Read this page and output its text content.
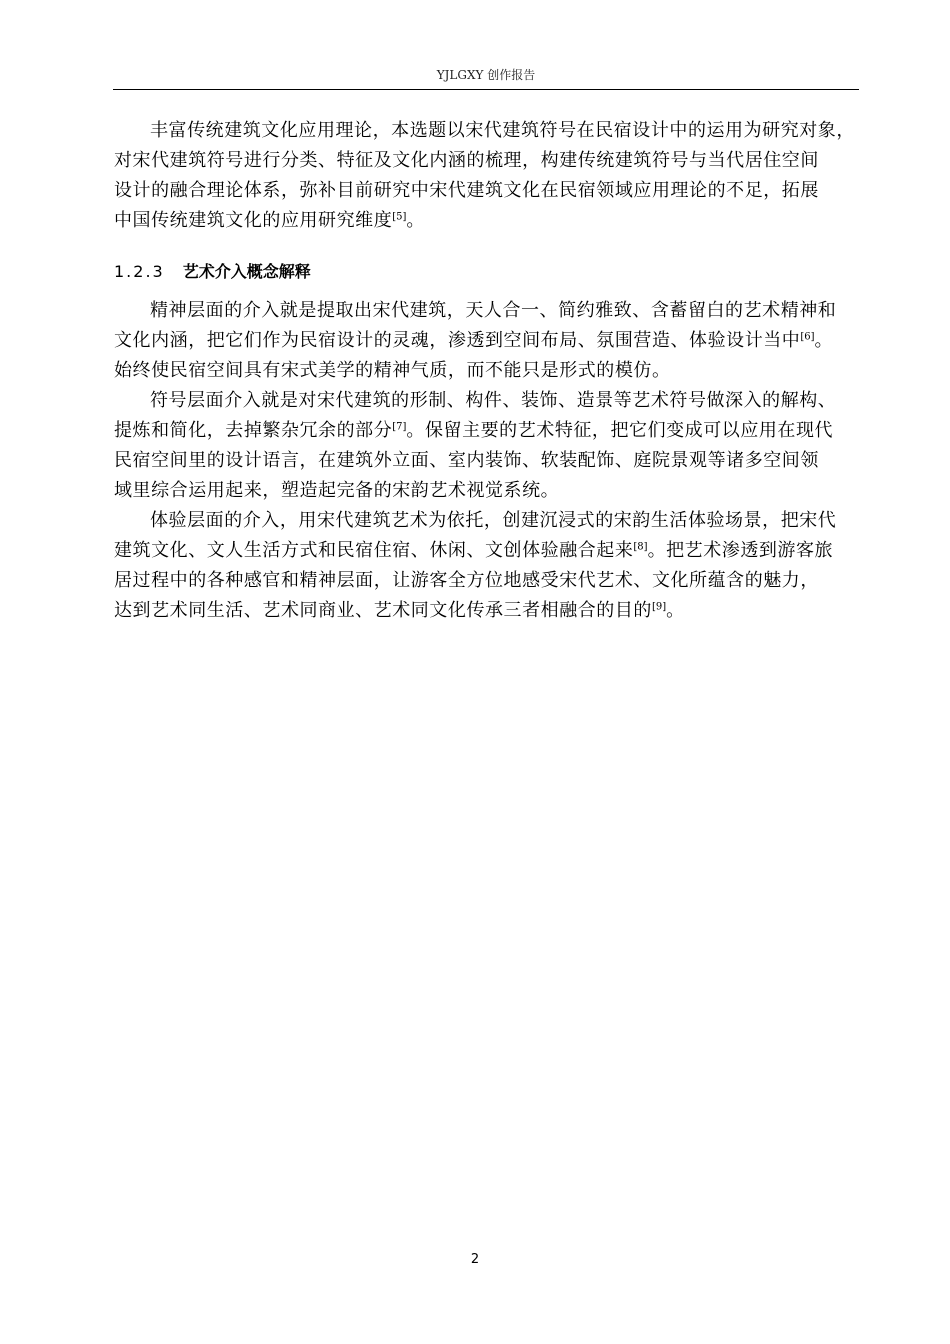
YJLGXY 创作报告

丰富传统建筑文化应用理论，本选题以宋代建筑符号在民宿设计中的运用为研究对象，
对宋代建筑符号进行分类、特征及文化内涵的梳理，构建传统建筑符号与当代居住空间
设计的融合理论体系，弥补目前研究中宋代建筑文化在民宿领域应用理论的不足，拓展
中国传统建筑文化的应用研究维度[5]。

1.2.3 艺术介入概念解释

精神层面的介入就是提取出宋代建筑，天人合一、简约雅致、含蓄留白的艺术精神和
文化内涵，把它们作为民宿设计的灵魂，渗透到空间布局、氛围营造、体验设计当中[6]。
始终使民宿空间具有宋式美学的精神气质，而不能只是形式的模仿。

符号层面介入就是对宋代建筑的形制、构件、装饰、造景等艺术符号做深入的解构、
提炼和简化，去掉繁杂冗余的部分[7]。保留主要的艺术特征，把它们变成可以应用在现代
民宿空间里的设计语言，在建筑外立面、室内装饰、软装配饰、庭院景观等诸多空间领
域里综合运用起来，塑造起完备的宋韵艺术视觉系统。

体验层面的介入，用宋代建筑艺术为依托，创建沉浸式的宋韵生活体验场景，把宋代
建筑文化、文人生活方式和民宿住宿、休闲、文创体验融合起来[8]。把艺术渗透到游客旅
居过程中的各种感官和精神层面，让游客全方位地感受宋代艺术、文化所蕴含的魅力，
达到艺术同生活、艺术同商业、艺术同文化传承三者相融合的目的[9]。

2
